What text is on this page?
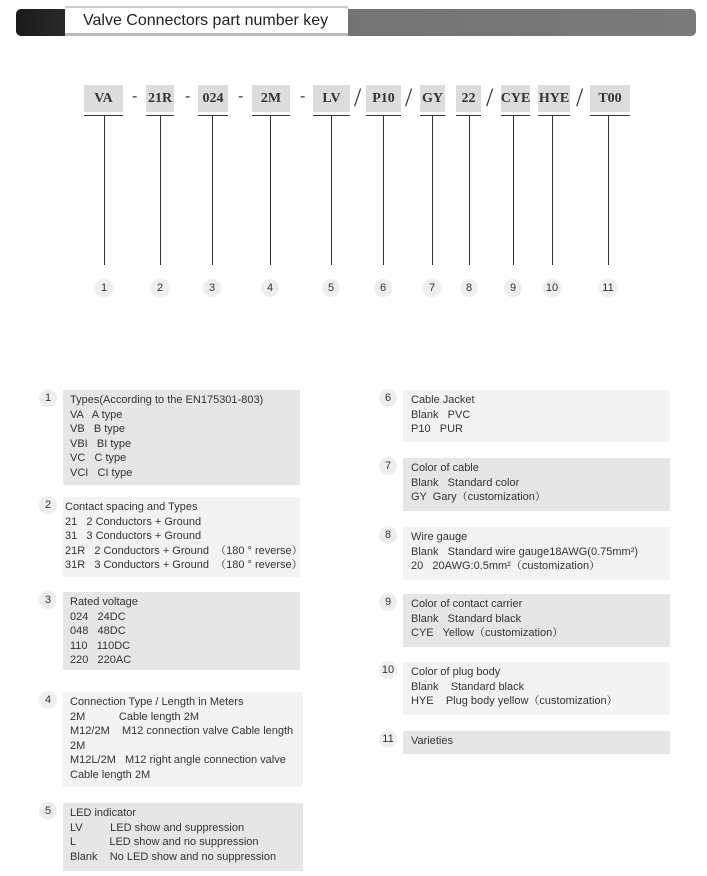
Valve Connectors part number key
VA
1
21R
2
024
3
2M
4
LV
5
P10
6
GY
7
22
8
CYE
9
HYE
10
T00
11
-	-	-	- / /	/	/
1	Types(According to the EN175301-803)
VA   A type
VB   B type
VBI   BI type
VC   C type
VCI   CI type
2	Contact spacing and Types
21   2 Conductors + Ground
31   3 Conductors + Ground
21R   2 Conductors + Ground  （180 ° reverse）
31R   3 Conductors + Ground  （180 ° reverse）
3	Rated voltage
024   24DC
048   48DC
110   110DC
220   220AC
4	Connection Type / Length in Meters
2M           Cable length 2M
M12/2M    M12 connection valve Cable length
2M
M12L/2M   M12 right angle connection valve
Cable length 2M
5	LED indicator
LV         LED show and suppression
L           LED show and no suppression
Blank    No LED show and no suppression
6	Cable Jacket
Blank   PVC
P10   PUR
7	Color of cable
Blank   Standard color
GY  Gary（customization）
8	Wire gauge
Blank   Standard wire gauge18AWG(0.75mm²)
20   20AWG:0.5mm²（customization）
9	Color of contact carrier
Blank   Standard black
CYE   Yellow（customization）
10 Color of plug body
Blank    Standard black
HYE    Plug body yellow（customization）
11 Varieties
